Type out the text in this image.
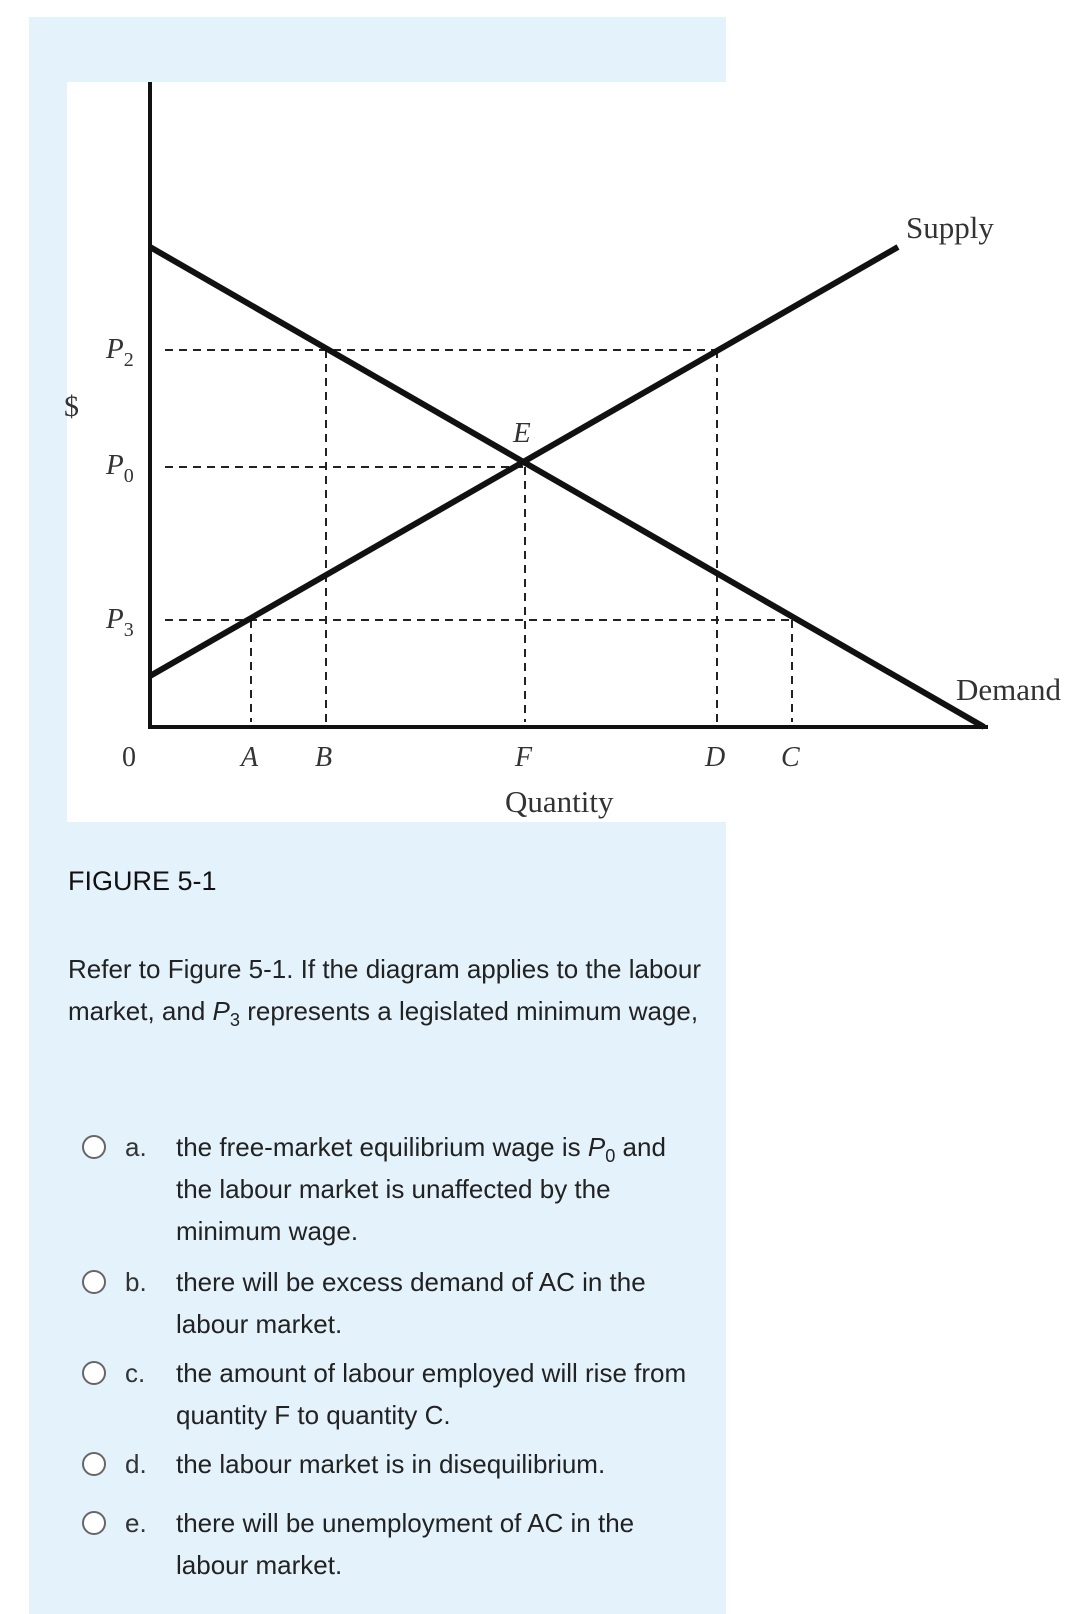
$
$P_2$
$P_0$
$P_3$
0	A B	F	D C
E
Supply
Demand
Quantity
FIGURE 5-1
Refer to Figure 5-1. If the diagram applies to the labour market, and $P_3$ represents a legislated minimum wage,
a. the free-market equilibrium wage is $P_0$ and the labour market is unaffected by the minimum wage.
b. there will be excess demand of AC in the labour market.
c. the amount of labour employed will rise from quantity F to quantity C.
d. the labour market is in disequilibrium.
e. there will be unemployment of AC in the labour market.
